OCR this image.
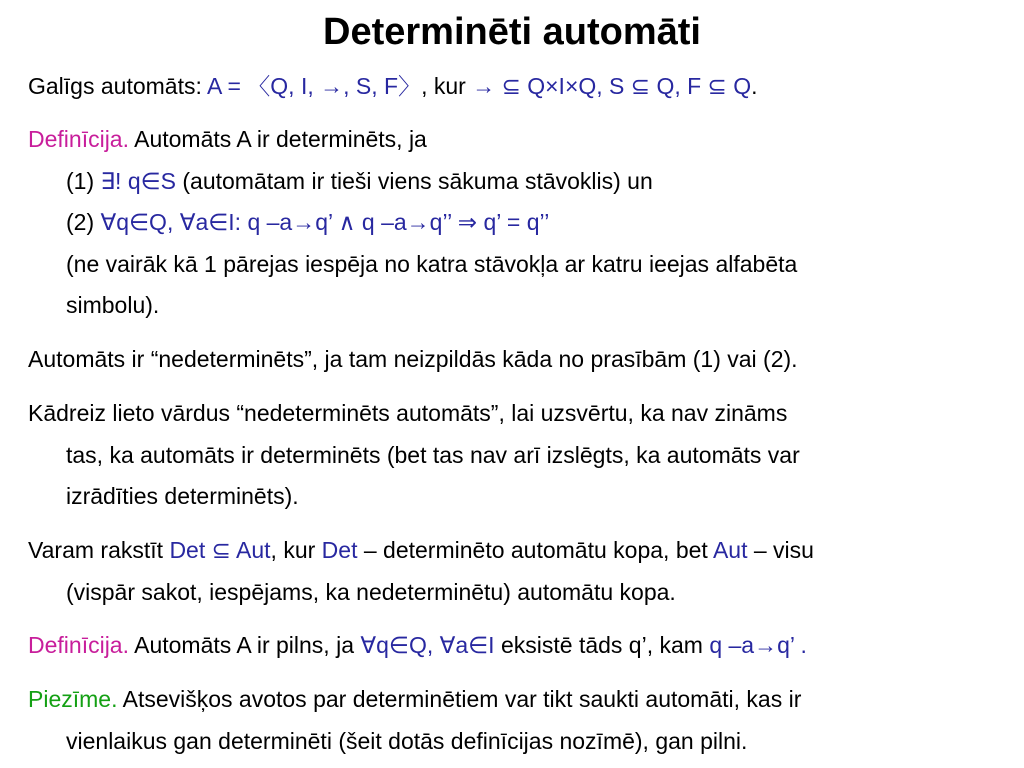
Determinēti automāti
Galīgs automāts: A = 〈Q, I, →, S, F〉, kur → ⊆ Q×I×Q, S ⊆ Q, F ⊆ Q.
Definīcija. Automāts A ir determinēts, ja
(1) ∃! q∈S (automātam ir tieši viens sākuma stāvoklis) un
(2) ∀q∈Q, ∀a∈I: q –a→q’ ∧ q –a→q’’ ⇒ q’ = q’’
(ne vairāk kā 1 pārejas iespēja no katra stāvokļa ar katru ieejas alfabēta
simbolu).
Automāts ir “nedeterminēts”, ja tam neizpildās kāda no prasībām (1) vai (2).
Kādreiz lieto vārdus “nedeterminēts automāts”, lai uzsvērtu, ka nav zināms
tas, ka automāts ir determinēts (bet tas nav arī izslēgts, ka automāts var
izrādīties determinēts).
Varam rakstīt Det ⊆ Aut, kur Det – determinēto automātu kopa, bet Aut – visu
(vispār sakot, iespējams, ka nedeterminētu) automātu kopa.
Definīcija. Automāts A ir pilns, ja ∀q∈Q, ∀a∈I eksistē tāds q’, kam q –a→q’ .
Piezīme. Atsevišķos avotos par determinētiem var tikt saukti automāti, kas ir
vienlaikus gan determinēti (šeit dotās definīcijas nozīmē), gan pilni.
